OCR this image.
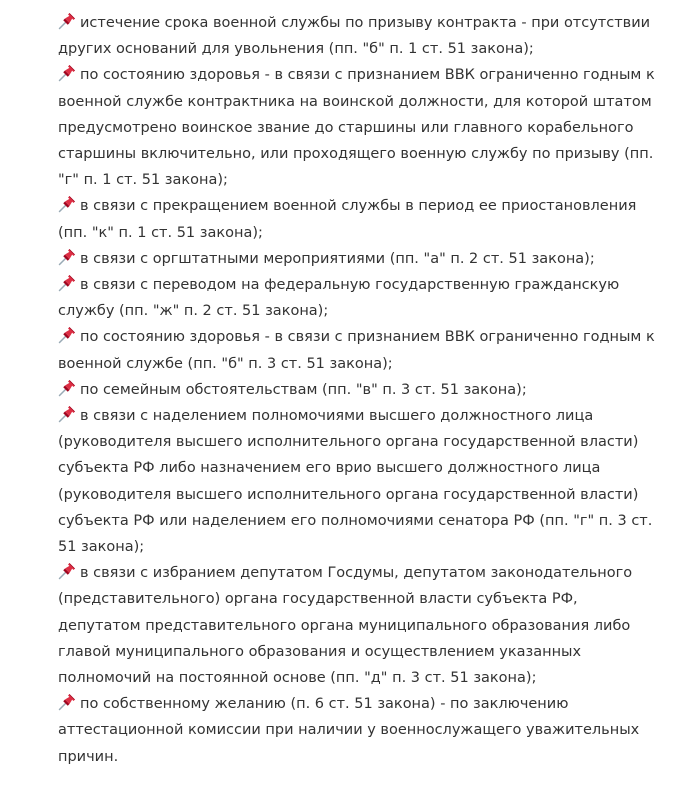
истечение срока военной службы по призыву контракта - при отсутствии других оснований для увольнения (пп. "б" п. 1 ст. 51 закона);

по состоянию здоровья - в связи с признанием ВВК ограниченно годным к военной службе контрактника на воинской должности, для которой штатом предусмотрено воинское звание до старшины или главного корабельного старшины включительно, или проходящего военную службу по призыву (пп. "г" п. 1 ст. 51 закона);

в связи с прекращением военной службы в период ее приостановления (пп. "к" п. 1 ст. 51 закона);

в связи с оргштатными мероприятиями (пп. "а" п. 2 ст. 51 закона);

в связи с переводом на федеральную государственную гражданскую службу (пп. "ж" п. 2 ст. 51 закона);

по состоянию здоровья - в связи с признанием ВВК ограниченно годным к военной службе (пп. "б" п. 3 ст. 51 закона);

по семейным обстоятельствам (пп. "в" п. 3 ст. 51 закона);

в связи с наделением полномочиями высшего должностного лица (руководителя высшего исполнительного органа государственной власти) субъекта РФ либо назначением его врио высшего должностного лица (руководителя высшего исполнительного органа государственной власти) субъекта РФ или наделением его полномочиями сенатора РФ (пп. "г" п. 3 ст. 51 закона);

в связи с избранием депутатом Госдумы, депутатом законодательного (представительного) органа государственной власти субъекта РФ, депутатом представительного органа муниципального образования либо главой муниципального образования и осуществлением указанных полномочий на постоянной основе (пп. "д" п. 3 ст. 51 закона);

по собственному желанию (п. 6 ст. 51 закона) - по заключению аттестационной комиссии при наличии у военнослужащего уважительных причин.
